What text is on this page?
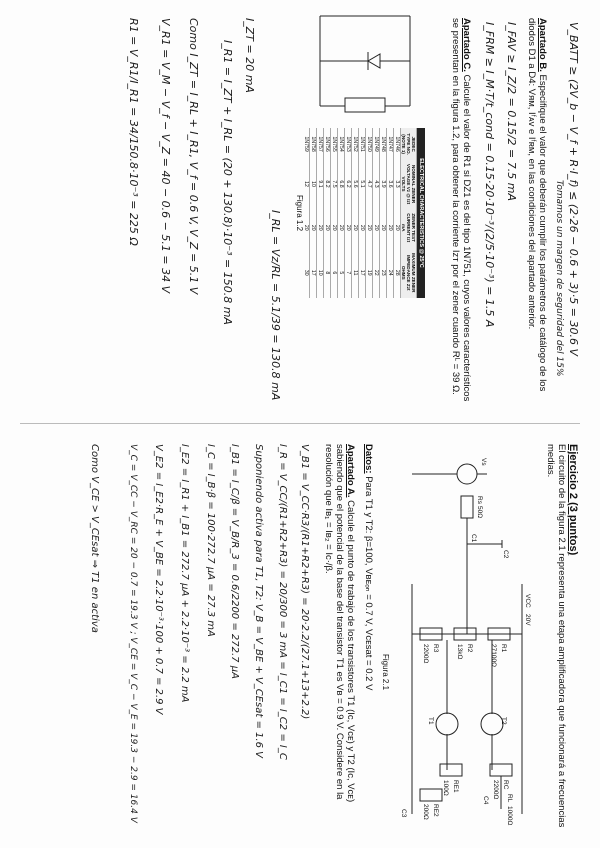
V_BATT ≥ (2V_b − V_f + R·I_f) ≤ (2·26 − 0.6 + 3)·5 = 30.6 V
Tomamos un margen de seguridad del 15%
Apartado B. Especifique el valor que deberán cumplir los parámetros de catálogo de los diodos D1 a D4: Vᴙᴍ, Iᶠᴀᴠ e Iᶠʀᴍ, en las condiciones del apartado anterior.
I_FAV ≥ I_Z/2 = 0.15/2 = 7.5 mA
I_FRM ≥ I_M·T/t_cond = 0.15·20·10⁻³/(2/5·10⁻³) = 1.5 A
Apartado C. Calcule el valor de R1 si DZ1 es del tipo 1N751, cuyos valores característicos se presentan en la figura 1.2, para obtener la corriente Iᴢᴛ por el zener cuando Rᴸ = 39 Ω.
ELECTRICAL CHARACTERISTICS @ 25°C			
JEDEC TYPE NO. (NOTE 1)	NOMINAL ZENER VOLTAGE Vz @ Izt VOLTS	ZENER TEST CURRENT Izt mA	MAXIMUM ZENER IMPEDANCE Zzt OHMS
1N746	3.3	20	28
1N747	3.6	20	24
1N748	3.9	20	23
1N749	4.3	20	22
1N750	4.7	20	19
1N751	5.1	20	17
1N752	5.6	20	11
1N753	6.2	20	7
1N754	6.8	20	5
1N755	7.5	20	6
1N756	8.2	20	8
1N757	9.1	20	10
1N758	10	20	17
1N759	12	20	30
Figura 1.2
I_RL = Vz/RL = 5.1/39 = 130.8 mA
I_ZT = 20 mA
I_R1 = I_ZT + I_RL = (20 + 130.8)·10⁻³ = 150.8 mA
Como I_ZT = I_RL + I_R1, V_f = 0.6 V, V_Z = 5.1 V
V_R1 = V_M − V_f − V_Z = 40 − 0.6 − 5.1 = 34 V
R1 = V_R1/I_R1 = 34/150.8·10⁻³ = 225 Ω
Ejercicio 2 (3 puntos)
El circuito de la figura 2.1 representa una etapa amplificadora que funcionará a frecuencias medias.
VCC
20V
R1
27100Ω
R2
13kΩ
R3
2200Ω
T2
T1
RC
2200Ω
RE1
100Ω
RE2
200Ω
RL
1000Ω
Rs
50Ω
Vs
C1
C2
C3
C4
Figura 2.1
Datos: Para T1 y T2: β=100, Vʙᴇₒₙ = 0.7 V, Vᴄᴇsat = 0.2 V
Apartado A. Calcule el punto de trabajo de los transistores T1 (Iᴄ, Vᴄᴇ) y T2 (Iᴄ, Vᴄᴇ) sabiendo que el potencial de la base del transistor T1 es Vʙ = 0.9 V. Considere en la resolución que Iʙ₁ = Iʙ₂ = Iᴄ·/β.
V_B1 = V_CC·R3/(R1+R2+R3) = 20·2.2/(27.1+13+2.2)
I_R = V_CC/(R1+R2+R3) = 20/300 = 3 mA = I_C1 = I_C2 = I_C
Suponiendo activa para T1, T2: V_B = V_BE + V_CEsat = 1.6 V
I_B1 = I_C/β = V_B/R_3 = 0.6/2200 = 272.7 µA
I_C = I_B·β = 100·272.7 µA = 27.3 mA
I_E2 = I_R1 + I_B1 = 272.7 µA + 2.2·10⁻³ = 2.2 mA
V_E2 = I_E2·R_E + V_BE = 2.2·10⁻³·100 + 0.7 = 2.9 V
V_C = V_CC − V_RC = 20 − 0.7 = 19.3 V ; V_CE = V_C − V_E = 19.3 − 2.9 = 16.4 V
Como V_CE > V_CEsat ⇒ T1 en activa
